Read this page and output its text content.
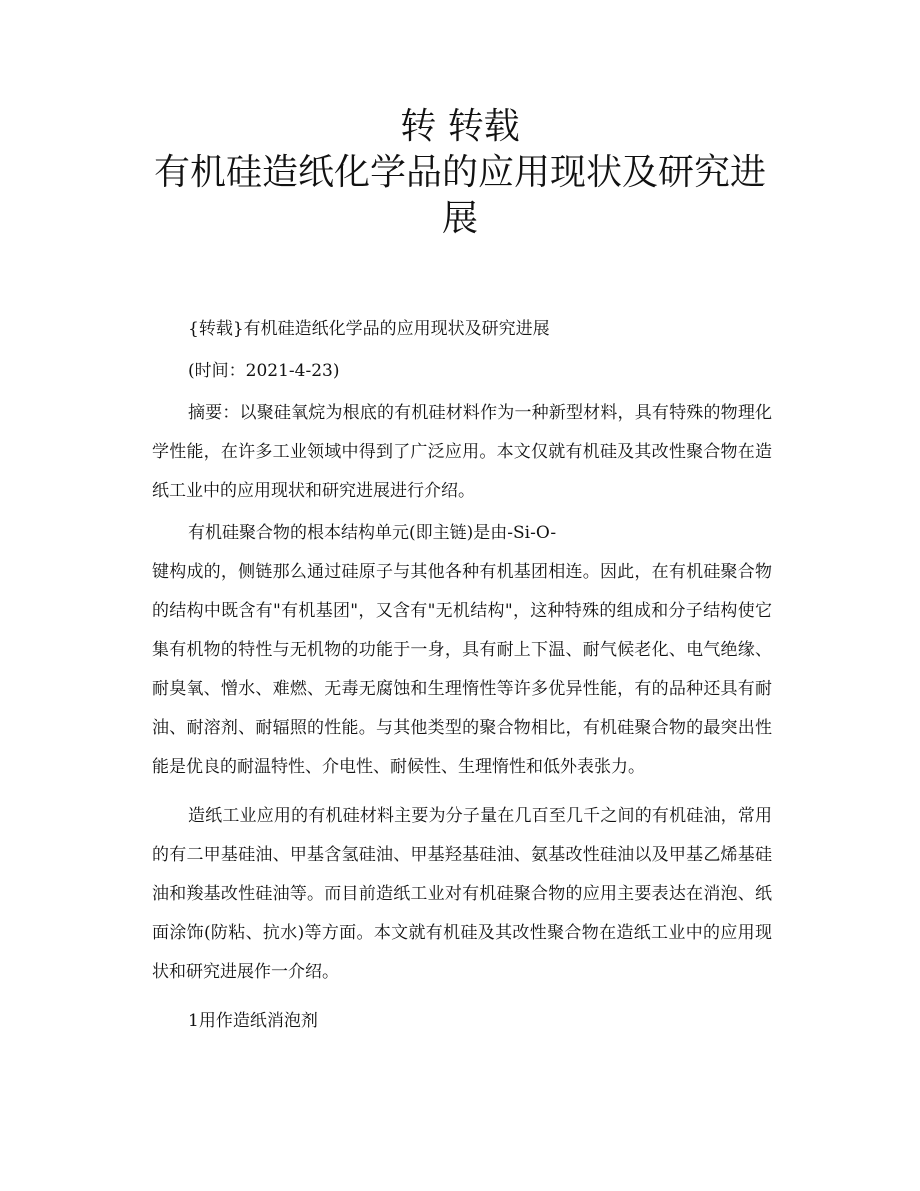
转 转载
有机硅造纸化学品的应用现状及研究进
展

{转载}有机硅造纸化学品的应用现状及研究进展

(时间：2021-4-23)

摘要：以聚硅氧烷为根底的有机硅材料作为一种新型材料，具有特殊的物理化学性能，在许多工业领域中得到了广泛应用。本文仅就有机硅及其改性聚合物在造纸工业中的应用现状和研究进展进行介绍。

有机硅聚合物的根本结构单元(即主链)是由-Si-O-

键构成的，侧链那么通过硅原子与其他各种有机基团相连。因此，在有机硅聚合物的结构中既含有"有机基团"，又含有"无机结构"，这种特殊的组成和分子结构使它集有机物的特性与无机物的功能于一身，具有耐上下温、耐气候老化、电气绝缘、耐臭氧、憎水、难燃、无毒无腐蚀和生理惰性等许多优异性能，有的品种还具有耐油、耐溶剂、耐辐照的性能。与其他类型的聚合物相比，有机硅聚合物的最突出性能是优良的耐温特性、介电性、耐候性、生理惰性和低外表张力。

造纸工业应用的有机硅材料主要为分子量在几百至几千之间的有机硅油，常用的有二甲基硅油、甲基含氢硅油、甲基羟基硅油、氨基改性硅油以及甲基乙烯基硅油和羧基改性硅油等。而目前造纸工业对有机硅聚合物的应用主要表达在消泡、纸面涂饰(防粘、抗水)等方面。本文就有机硅及其改性聚合物在造纸工业中的应用现状和研究进展作一介绍。

1用作造纸消泡剂
